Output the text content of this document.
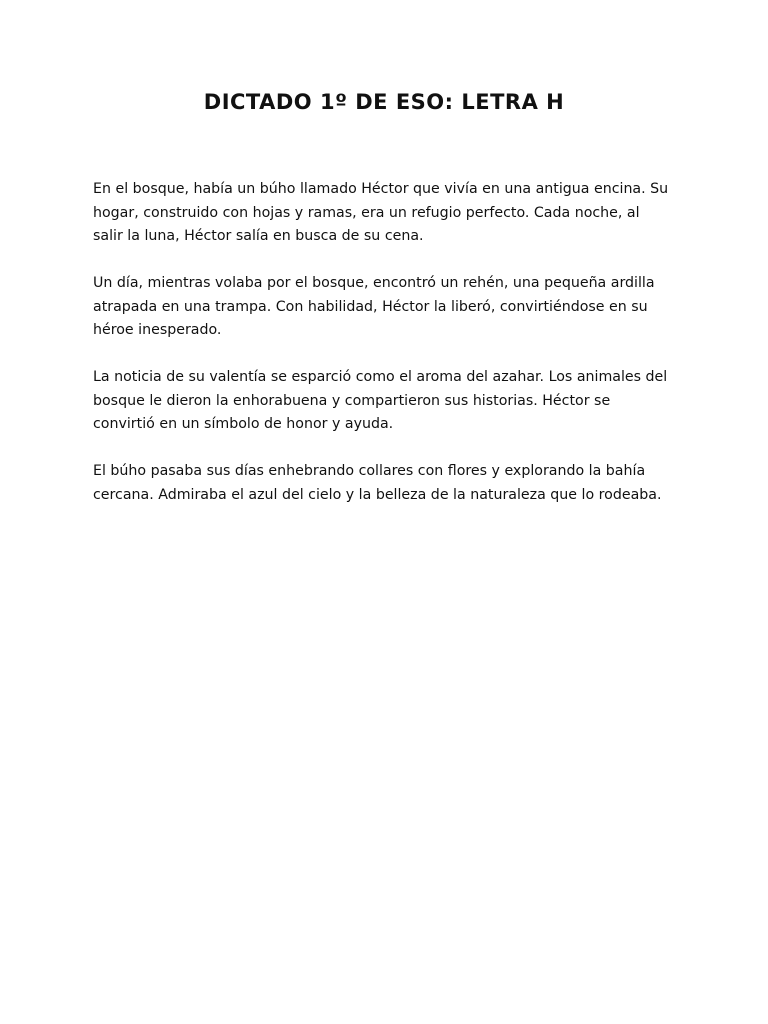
DICTADO 1º DE ESO: LETRA H

En el bosque, había un búho llamado Héctor que vivía en una antigua encina. Su hogar, construido con hojas y ramas, era un refugio perfecto. Cada noche, al salir la luna, Héctor salía en busca de su cena.

Un día, mientras volaba por el bosque, encontró un rehén, una pequeña ardilla atrapada en una trampa. Con habilidad, Héctor la liberó, convirtiéndose en su héroe inesperado.

La noticia de su valentía se esparció como el aroma del azahar. Los animales del bosque le dieron la enhorabuena y compartieron sus historias. Héctor se convirtió en un símbolo de honor y ayuda.

El búho pasaba sus días enhebrando collares con flores y explorando la bahía cercana. Admiraba el azul del cielo y la belleza de la naturaleza que lo rodeaba.
